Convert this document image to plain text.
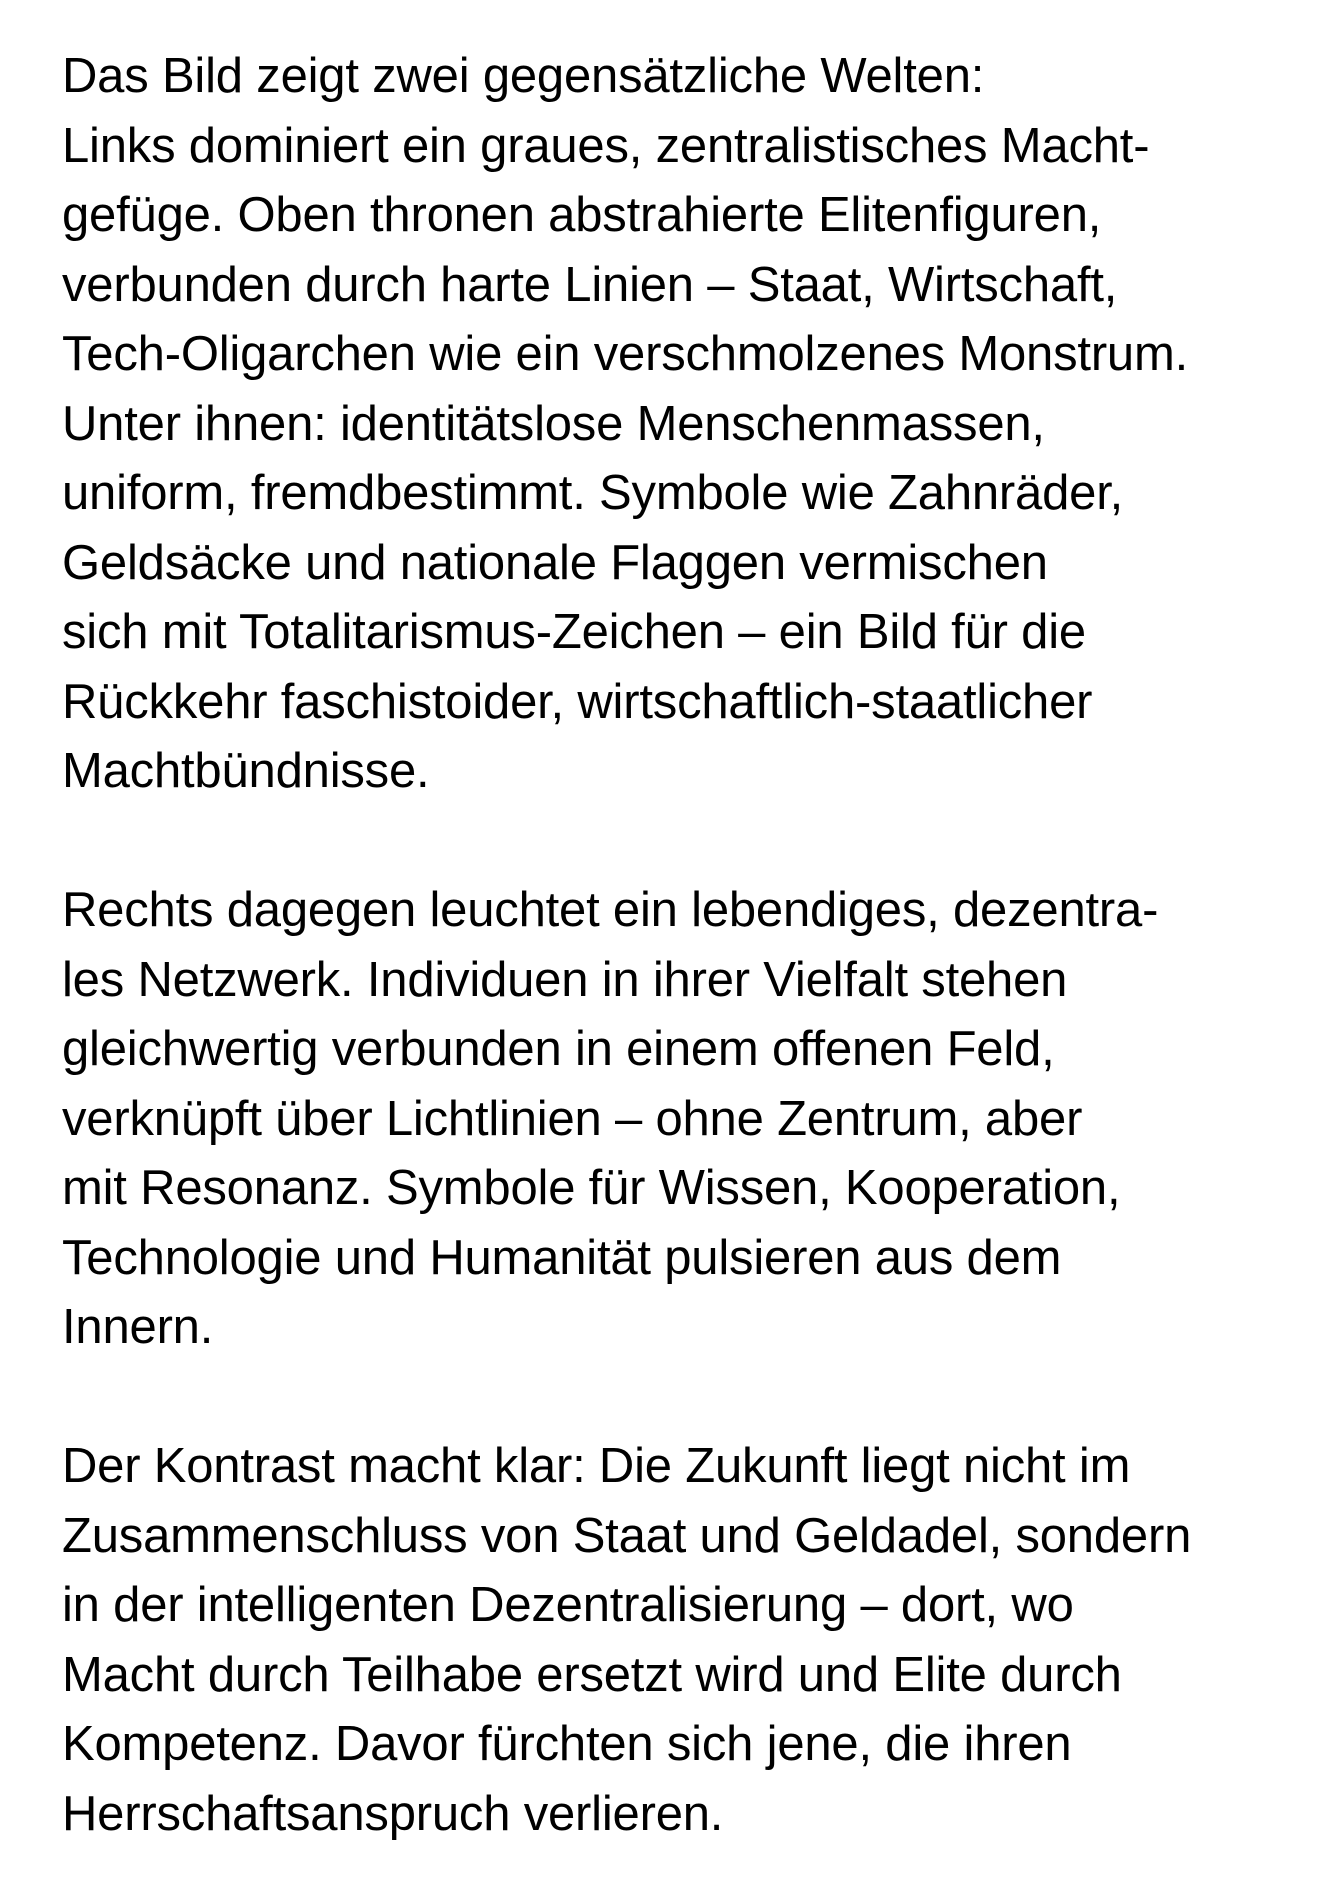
Das Bild zeigt zwei gegensätzliche Welten:
Links dominiert ein graues, zentralistisches Macht-
gefüge. Oben thronen abstrahierte Elitenfiguren,
verbunden durch harte Linien – Staat, Wirtschaft,
Tech-Oligarchen wie ein verschmolzenes Monstrum.
Unter ihnen: identitätslose Menschenmassen,
uniform, fremdbestimmt. Symbole wie Zahnräder,
Geldsäcke und nationale Flaggen vermischen
sich mit Totalitarismus-Zeichen – ein Bild für die
Rückkehr faschistoider, wirtschaftlich-staatlicher
Machtbündnisse.

Rechts dagegen leuchtet ein lebendiges, dezentra-
les Netzwerk. Individuen in ihrer Vielfalt stehen
gleichwertig verbunden in einem offenen Feld,
verknüpft über Lichtlinien – ohne Zentrum, aber
mit Resonanz. Symbole für Wissen, Kooperation,
Technologie und Humanität pulsieren aus dem
Innern.

Der Kontrast macht klar: Die Zukunft liegt nicht im
Zusammenschluss von Staat und Geldadel, sondern
in der intelligenten Dezentralisierung – dort, wo
Macht durch Teilhabe ersetzt wird und Elite durch
Kompetenz. Davor fürchten sich jene, die ihren
Herrschaftsanspruch verlieren.
